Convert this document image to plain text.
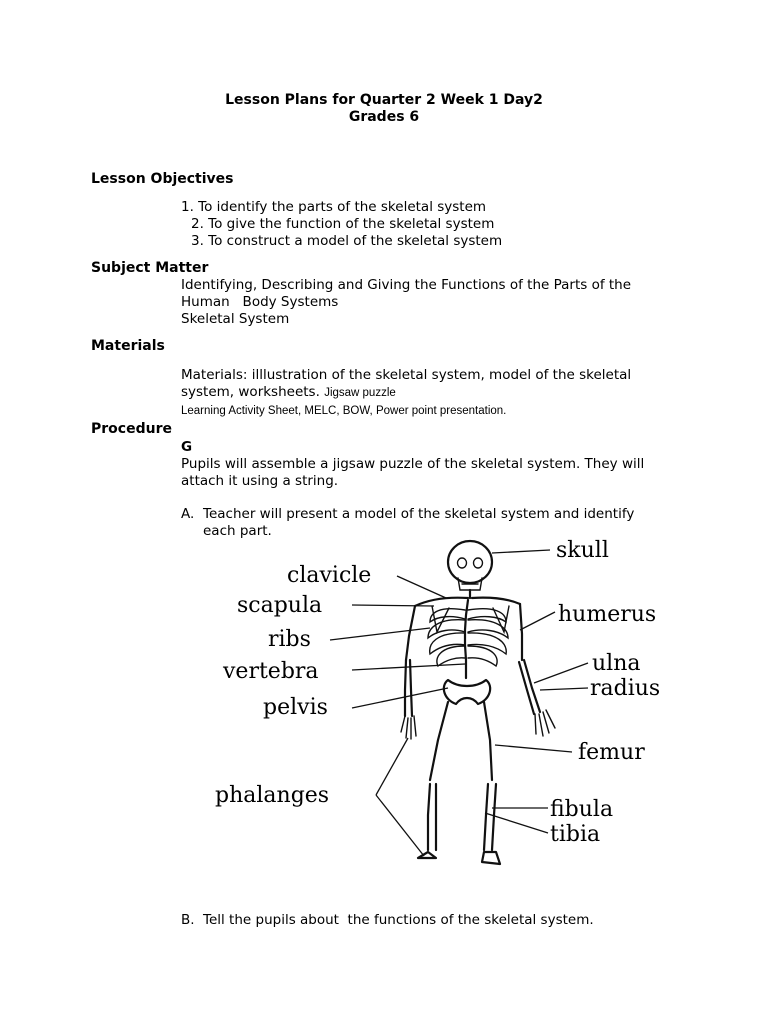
Lesson Plans for Quarter 2 Week 1 Day2
Grades 6
Lesson Objectives
1. To identify the parts of the skeletal system
2. To give the function of the skeletal system
3. To construct a model of the skeletal system
Subject Matter
Identifying, Describing and Giving the Functions of the Parts of the
Human   Body Systems
Skeletal System
Materials
Materials: illlustration of the skeletal system, model of the skeletal
system, worksheets. Jigsaw puzzle
Learning Activity Sheet, MELC, BOW, Power point presentation.
Procedure
G
Pupils will assemble a jigsaw puzzle of the skeletal system. They will
attach it using a string.
A. Teacher will present a model of the skeletal system and identify
each part.
clavicle
skull
scapula	humerus
ribs
vertebra	ulna
radius
pelvis
femur
phalanges
fibula
tibia
B. Tell the pupils about  the functions of the skeletal system.
